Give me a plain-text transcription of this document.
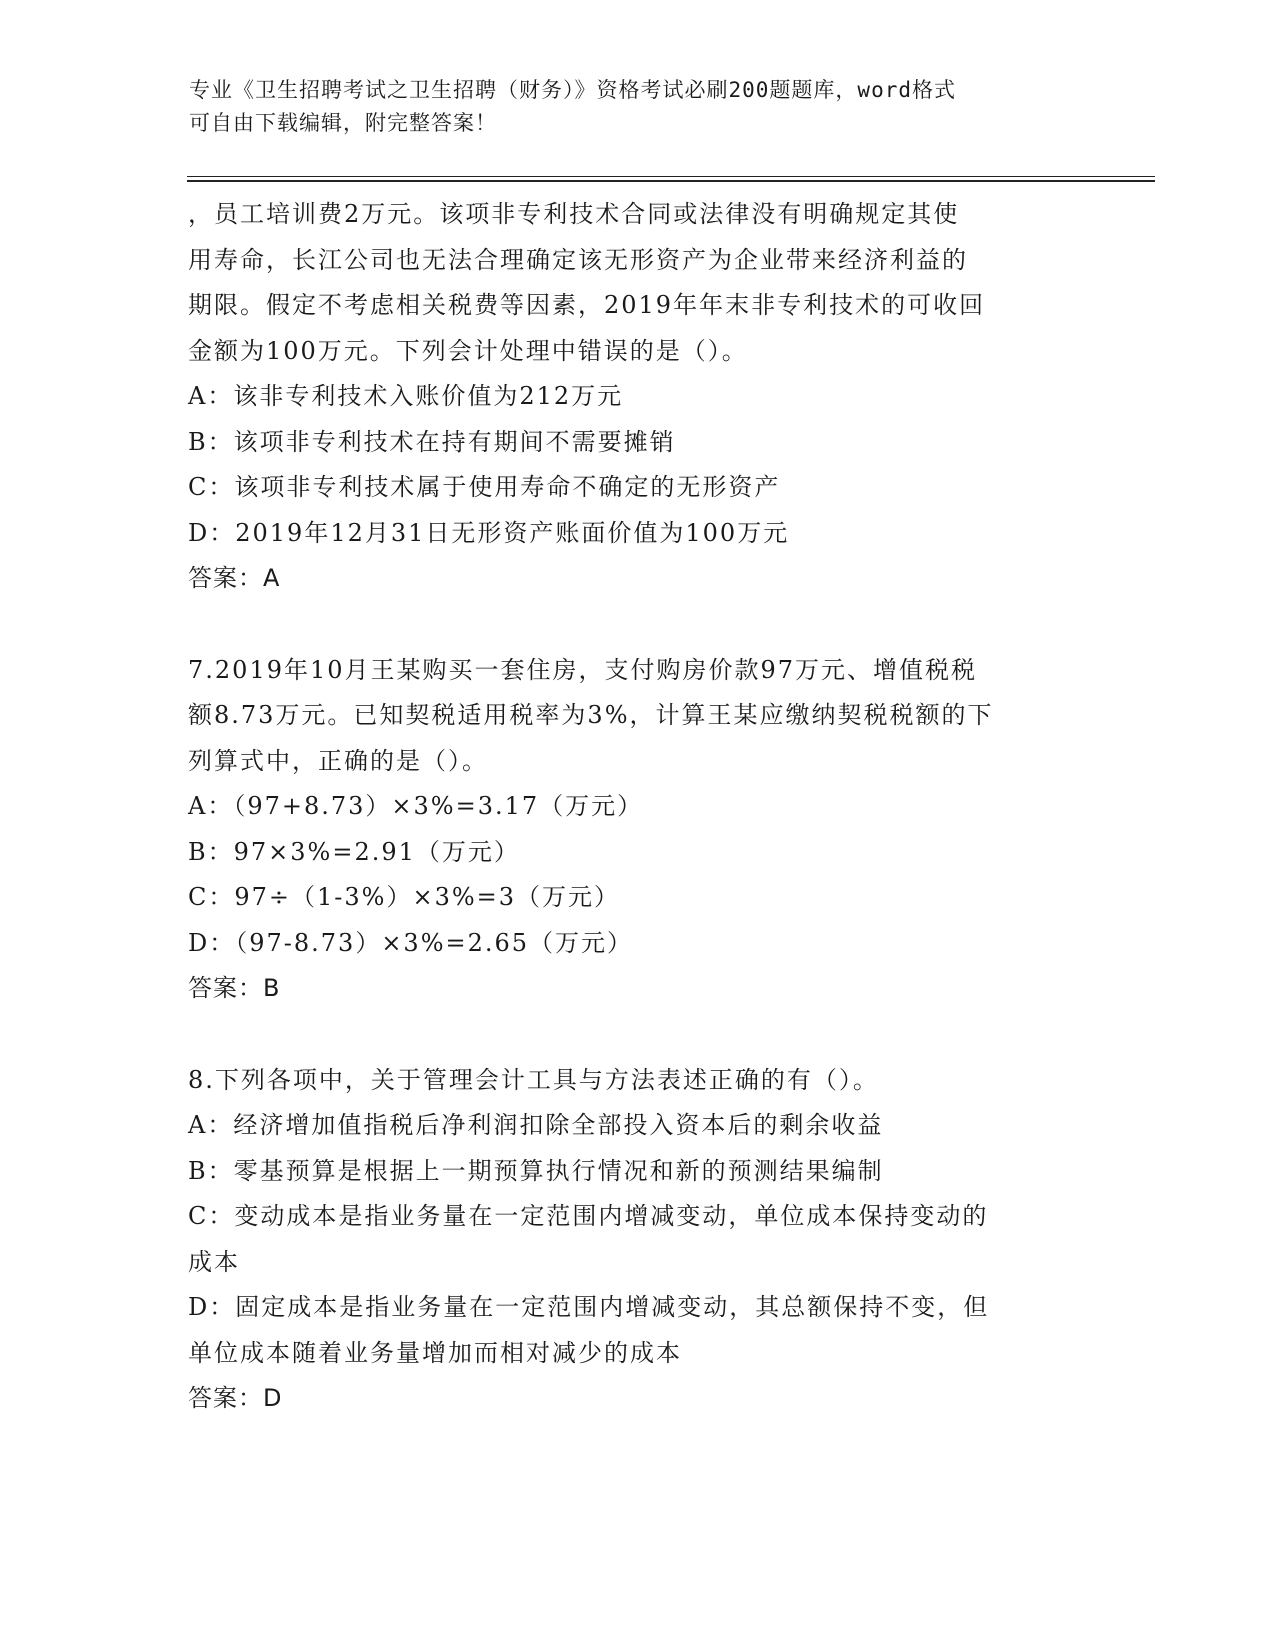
专业《卫生招聘考试之卫生招聘（财务）》资格考试必刷200题题库，word格式
可自由下载编辑，附完整答案！
，员工培训费2万元。该项非专利技术合同或法律没有明确规定其使
用寿命，长江公司也无法合理确定该无形资产为企业带来经济利益的
期限。假定不考虑相关税费等因素，2019年年末非专利技术的可收回
金额为100万元。下列会计处理中错误的是（）。
A：该非专利技术入账价值为212万元
B：该项非专利技术在持有期间不需要摊销
C：该项非专利技术属于使用寿命不确定的无形资产
D：2019年12月31日无形资产账面价值为100万元
答案：A
7.2019年10月王某购买一套住房，支付购房价款97万元、增值税税
额8.73万元。已知契税适用税率为3%，计算王某应缴纳契税税额的下
列算式中，正确的是（）。
A：（97+8.73）×3%=3.17（万元）
B：97×3%=2.91（万元）
C：97÷（1-3%）×3%=3（万元）
D：（97-8.73）×3%=2.65（万元）
答案：B
8.下列各项中，关于管理会计工具与方法表述正确的有（）。
A：经济增加值指税后净利润扣除全部投入资本后的剩余收益
B：零基预算是根据上一期预算执行情况和新的预测结果编制
C：变动成本是指业务量在一定范围内增减变动，单位成本保持变动的
成本
D：固定成本是指业务量在一定范围内增减变动，其总额保持不变，但
单位成本随着业务量增加而相对减少的成本
答案：D
